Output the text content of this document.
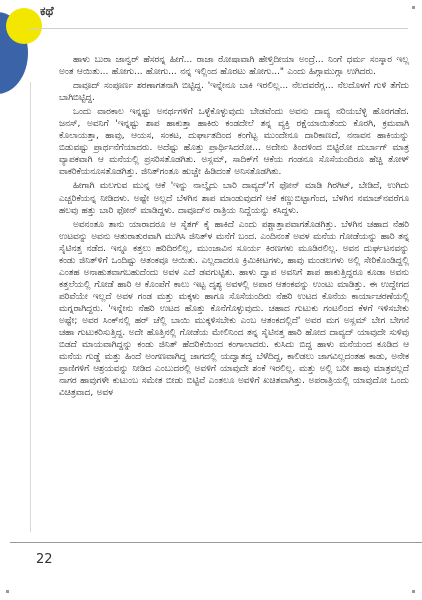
ಕಥೆ

ಹಾಳು ಬುರಾ ಜಾನ್ವರ್ ಹೆಸರನ್ನ ಹೀಗೆ... ರಾಜಾ ರೋಷಾವಾಗಿ ಹೇಳ್ತಿದೀಯಾ ಅಂದ್ರೆ... ನಿಂಗೆ ಧರ್ಮ ಸಂಸ್ಕಾರ ಇಲ್ಲ ಅಂತ ಆಯಿತು... ಹೋಗು... ಹೋಗು... ನನ್ನ ಇಲ್ಲಿಂದ ಹೊರಟು ಹೋಗು..." ಎಂದು ಹಿಗ್ಗಾಮುಗ್ಗಾ ಉಗಿದರು.

ದಾವೂದ್ ಸಂಪೂರ್ಣ ಶರಣಾಗತನಾಗಿ ಬಿಟ್ಟಿದ್ದ. 'ಇನ್ನೇನೂ ಬಾಕಿ ಇರಲಿಲ್ಲ... ನೆಲದವರೆಗ್ಲ... ನೆಲದೊಳಗೆ ಗುಳಿ ತೆಗೆದು ಬಾಗಿಬಿಟ್ಟಿದ್ದ.

ಒಂದು ವಾರಕಾಲ ಇನ್ನಷ್ಟು ಅನರ್ಥಗಳಿಗೆ ಒಳ್ಳೆಕೊಳ್ಳುವುದು ಬೇಡವೆಂದು ಅವನು ದಾವ್ಯ ನರಿಯಬೆಳ್ಳಿ ಹೊರಗಡೆದ. ಜನಸ್, ಅವನಿಗೆ 'ಇನ್ನಷ್ಟು ಶಾಪ ಹಾಕುತ್ತಾ ಹಾಕಿರು ಕಂಡದೇಲೆ ತನ್ನ ವ್ಯಕ್ತಿ ರಕ್ಷೆಯಾಯಿತೆಂದು ಕೊರಗಿ, ಕ್ರಮವಾಗಿ ಕೊಲಾಯತ್ತಾ, ಹಾವು, ಆಯಸ, ಸಂಕಟ, ದುರ್ಘಾತದಿಂದ ಕಂಗೆಟ್ಟ ಮುಂದೇನೂ ದಾರಿಕಾಣದೆ, ನನಾವನ ಹಾಕಿಯನ್ನು ಬಿಡುವಷ್ಟು ಪ್ರಾರ್ಥನೆಗೆಯಾದರು. ಅದೆಷ್ಟು ಹೊತ್ತು ಪ್ರಾರ್ಥಿಸಿದರೋ... ಅದೇನು ತಿಂದಳಿಂದ ಬಿಟ್ಟಿರೋ ದುರ್ಬಾಗ್ ಮಾತ್ರ ವ್ಯಾಪಕವಾಗಿ ಆ ಮನೆಯಲ್ಲಿ ಪ್ರಸರಿಸತೊಡಗಿತು. ಅಸ್ಲಮ್, ಸಾದಿಕ್‌ಗೆ ಆಕೆಯ ಗಂಡನೂ ಸೊಸೆಯಂದಿರೂ ಹೆಚ್ಚಿ ತೋಳ್ ವಾಕರಿಕೆಯನೂಸತೊಡಗಿತ್ತು. ಜಿನಿತ್‌ಗಂತೂ ಹುಚ್ಚೇ ಹಿಡಿದಂತೆ ಅನಿಸತೊಡಗಿತು.

ಹೀಗಾಗಿ ಮಲಗುವ ಮುನ್ನ ಆಕೆ 'ಇನ್ನು ನಾಲ್ಕೈದು ಬಾರಿ ದಾವ್ಯದ್'ಗೆ ಫೋನ್ ಮಾಡಿ ಗಿರಗಿಟ್, ಬೇಡಿದೆ, ಉಗಿದು ಎಚ್ಚರಿಕೆಯನ್ನ ನೀಡಿದಳು. ಅಷ್ಟೇ ಅಲ್ಲದೆ ಬೆಳಗಿನ ಶಾಪ ಮಾಂಡುವುದಗೆ ಆಕೆ ಕಣ್ಣುಬಿಟ್ಟಾಗೆಂದ, ಬೆಳಗಿನ ನಮಾಜ್‌ನವರೆಗೂ ಹಲವು ಹತ್ತು ಬಾರಿ ಫೋನ್ ಮಾಡಿದ್ದಳು. ದಾವೂದ್‌ನ ರಾತ್ರಿಯ ನಿದ್ದೆಯನ್ನು ಕಸಿದ್ದಳು.

ಅವನಂತೂ ತಾನು ಯಾರಾದರೂ ಆ ಸೈತಗ್ ಕೈ ಹಾಕಿದೆ ಎಂದು ಪಶ್ಚಾತ್ತಾಪವಾಗತೊಡಗಿತ್ತು. ಬೆಳಗಿನ ಚಹಾದ ನೆಹರಿ ಉಟವನ್ನು ಅವನು ಆತುರಾತುರವಾಗಿ ಮುಗಿಸಿ ಜಿನಿತ್‌ಳ ಮನೆಗೆ ಬಂದ. ಎಂದಿನಂತೆ ಅವಳ ಮನೆಯ ಗೋಡೆಯನ್ನು ಹಾರಿ ತನ್ನ ಸೈಟಿನತ್ತ ನಡೆದ. ಇನ್ನೂ ಕತ್ತಲು ಹರಿದಿರಲಿಲ್ಲ, ಮುಂಜಾವಿನ ಸೂರ್ಯ ಕಿರಣಗಳು ಮೂಡಿರಲಿಲ್ಲ. ಅವನ ದುರ್ಘಟನವನ್ನು ಕಂಡು ಜಿನಿತ್‌ಳಿಗೆ ಒಂದಿಷ್ಟು ಆತಂಕವೂ ಆಯಿತು. ಎಲ್ಲದಾದರೂ ಕ್ರಿಮಿಕೀಟಗಳು, ಹಾವು ಮಂಡಲಗಳು ಅಲ್ಲಿ ಸೇರಿಕೊಂಡಿದ್ದಲ್ಲಿ ಎಂತಹ ಅನಾಹುತವಾಗಬಹುದೆಂದು ಅವಳ ಎದೆ ಡವಗುಟ್ಟಿತು. ಹಾಳು ದ್ವಾಪ ಅವನಿಗೆ ಶಾಪ ಹಾಕುತ್ತಿದ್ದರೂ ಕೂಡಾ ಅವನು ಕತ್ತಲೆಯಲ್ಲಿ ಗೋಡೆ ಹಾರಿ ಆ ಕೊಂಪೆಗೆ ಕಾಲು ಇಟ್ಟ ದೃಶ್ಯ ಅವಳಲ್ಲಿ ಅಪಾರ ಆತಂಕವನ್ನು ಉಂಟು ಮಾಡಿತ್ತು. ಈ ಉದ್ದೇಗದ ಪರಿವೆಯೇ ಇಲ್ಲದೆ ಅವಳ ಗಂಡ ಮತ್ತು ಮಕ್ಕಳು ಹಾಗೂ ಸೊಸೆಯಂದಿರು ನೆಹರಿ ಉಟದ ಕೊನೆಯ ಕಾರ್ಯಾಚರಣೆಯಲ್ಲಿ ಮಗ್ನರಾಗಿದ್ದರು. 'ಇನ್ನೇನು ನೆಹರಿ ಉಟದ ಹೊತ್ತು ಕೊನೆಗೊಳ್ಳುವುದು. ಚಹಾದ ಗುಟುಕು ಗಂಟಲಿಂದ ಕೆಳಗೆ ಇಳಿಸಬೇಕು ಅಷ್ಟೇ; ಅವರ ಸಿಂಕ್‌ನಲ್ಲಿ ಹರ್ ಚೆಲ್ಲಿ ಬಾಯಿ ಮುಕ್ಕಳಿಸಬೇಕು ಎಂಬ ಆತಂಕದಲ್ಲಿದೆ' ಅವರ ಮಗ ಅಸ್ಲಮ್ ಬೇಗ ಬೇಗನೆ ಚಹಾ ಗುಟುಕರಿಸುತ್ತಿದ್ದ. ಅದೇ ಹೊತ್ತಿನಲ್ಲಿ ಗೋಡೆಯ ಮೇಲಿನಿಂದ ತನ್ನ ಸೈಟಿನತ್ತ ಹಾರಿ ಹೋದ ದಾವ್ಯದ್ ಯಾವುದೇ ಸುಳಿವು ಬಿಡದೆ ಮಾಯವಾಗಿದ್ದನ್ನು ಕಂಡು ಜಿನಿತ್ ಹೆದರಿಕೆಯಿಂದ ಕಂಗಾಲಾದರು. ಕುಸಿದು ಬಿದ್ದ ಹಾಳು ಮನೆಯಂದ ಕೂಡಿದ ಆ ಮನೆಯ ಗುಡ್ಡೆ ಮತ್ತು ಹಿಂದೆ ಅಂಗಣವಾಗಿದ್ದ ಜಾಗದಲ್ಲಿ ಯದ್ವಾತದ್ವ ಬೆಳೆದಿದ್ದ, ಕಾಲಿಡಲು ಜಾಗವಿಲ್ಲದಂತಹ ಕಾಡು, ಅನೇಕ ಪ್ರಾಣಿಗಳಿಗೆ ಆಶ್ರಯವನ್ನು ನೀಡಿದ ಎಂಬುದರಲ್ಲಿ ಅವಳಿಗೆ ಯಾವುದೇ ಶಂಕೆ ಇರಲಿಲ್ಲ. ಮತ್ತು ಅಲ್ಲಿ ಬರೀ ಹಾವು ಮಾತ್ರವಲ್ಲದೆ ನಾಗರ ಹಾವುಗಳೇ ಕುಟುಂಬ ಸಮೇತ ಬೀಡು ಬಿಟ್ಟಿವೆ ಎಂತಲೂ ಅವಳಿಗೆ ಖಚಿತವಾಗಿತ್ತು. ಅಪರಾತ್ರಿಯಲ್ಲಿ ಯಾವುದೋ ಒಂದು ವಿಚಿತ್ರವಾದ, ಅವಳ

22
